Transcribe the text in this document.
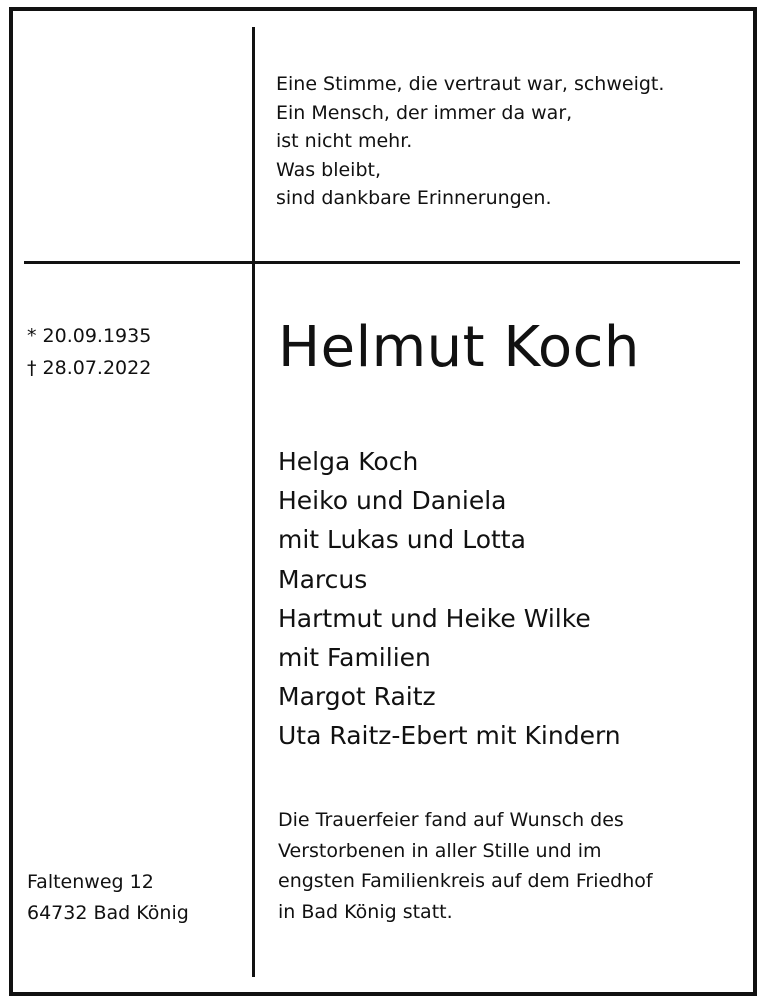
Eine Stimme, die vertraut war, schweigt.
Ein Mensch, der immer da war,
ist nicht mehr.
Was bleibt,
sind dankbare Erinnerungen.
* 20.09.1935
† 28.07.2022 Helmut Koch
Helga Koch
Heiko und Daniela
mit Lukas und Lotta
Marcus
Hartmut und Heike Wilke
mit Familien
Margot Raitz
Uta Raitz-Ebert mit Kindern
Die Trauerfeier fand auf Wunsch des
Verstorbenen in aller Stille und im
engsten Familienkreis auf dem Friedhof
in Bad König statt.
Faltenweg 12
64732 Bad König
